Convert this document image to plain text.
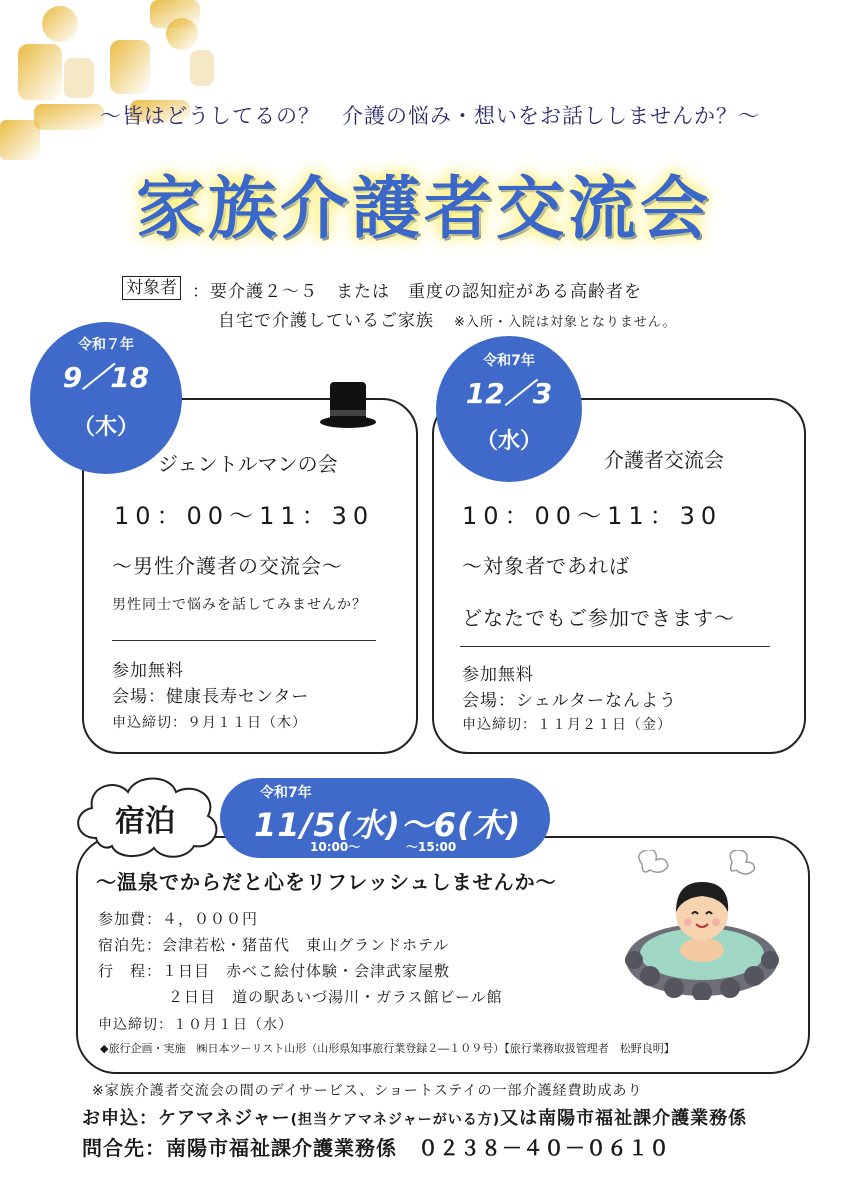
～皆はどうしてるの？　介護の悩み・想いをお話ししませんか？～
家族介護者交流会
対象者 ：要介護２～５　または　重度の認知症がある高齢者を
自宅で介護しているご家族 ※入所・入院は対象となりません。
ジェントルマンの会
10：00～11：30
～男性介護者の交流会～
男性同士で悩みを話してみませんか？
参加無料
会場：健康長寿センター
申込締切：９月１１日（木）
令和７年
9／18
（木）
介護者交流会
10：00～11：30
～対象者であれば
どなたでもご参加できます～
参加無料
会場：シェルターなんよう
申込締切：１１月２１日（金）
令和7年
12／3
（水）
令和7年
11/5(水)～6(木)
10:00～	～15:00
宿泊
～温泉でからだと心をリフレッシュしませんか～
参加費：４，０００円
宿泊先：会津若松・猪苗代　東山グランドホテル
行　程：１日目　赤べこ絵付体験・会津武家屋敷
２日目　道の駅あいづ湯川・ガラス館ビール館
申込締切：１０月１日（水）
◆旅行企画・実施　㈱日本ツーリスト山形（山形県知事旅行業登録２―１０９号）【旅行業務取扱管理者　松野良明】
※家族介護者交流会の間のデイサービス、ショートステイの一部介護経費助成あり
お申込：ケアマネジャー(担当ケアマネジャーがいる方)又は南陽市福祉課介護業務係
問合先：南陽市福祉課介護業務係　０２３８－４０－０６１０
